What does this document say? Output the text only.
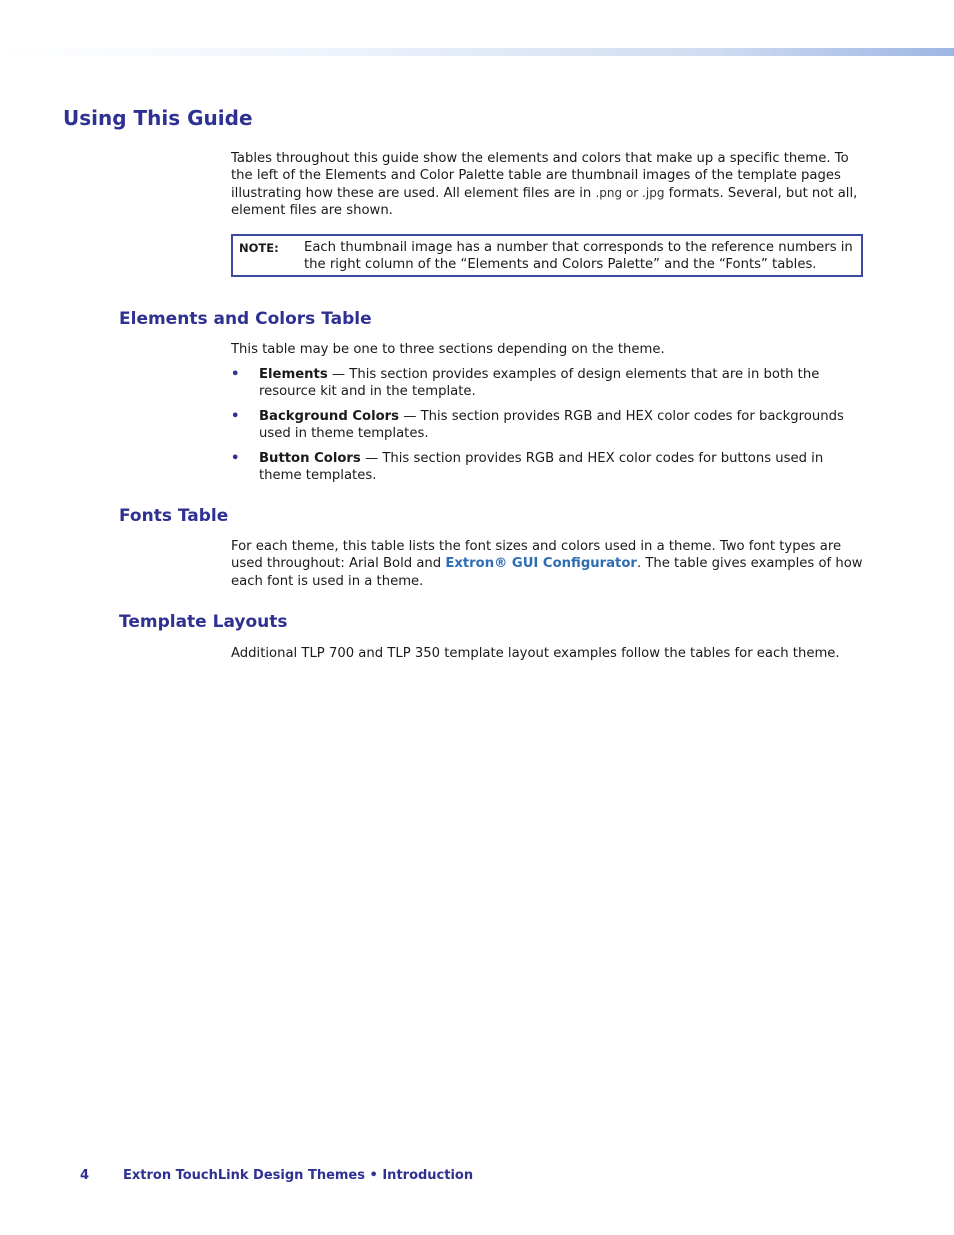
Using This Guide

Tables throughout this guide show the elements and colors that make up a specific theme. To the left of the Elements and Color Palette table are thumbnail images of the template pages illustrating how these are used. All element files are in .png or .jpg formats. Several, but not all, element files are shown.

NOTE: Each thumbnail image has a number that corresponds to the reference numbers in the right column of the “Elements and Colors Palette” and the “Fonts” tables.
Elements and Colors Table

This table may be one to three sections depending on the theme.

• Elements — This section provides examples of design elements that are in both the resource kit and in the template.
• Background Colors — This section provides RGB and HEX color codes for backgrounds used in theme templates.
• Button Colors — This section provides RGB and HEX color codes for buttons used in theme templates.
Fonts Table

For each theme, this table lists the font sizes and colors used in a theme. Two font types are used throughout: Arial Bold and Extron® GUI Configurator. The table gives examples of how each font is used in a theme.

Template Layouts

Additional TLP 700 and TLP 350 template layout examples follow the tables for each theme.

4	Extron TouchLink Design Themes • Introduction
